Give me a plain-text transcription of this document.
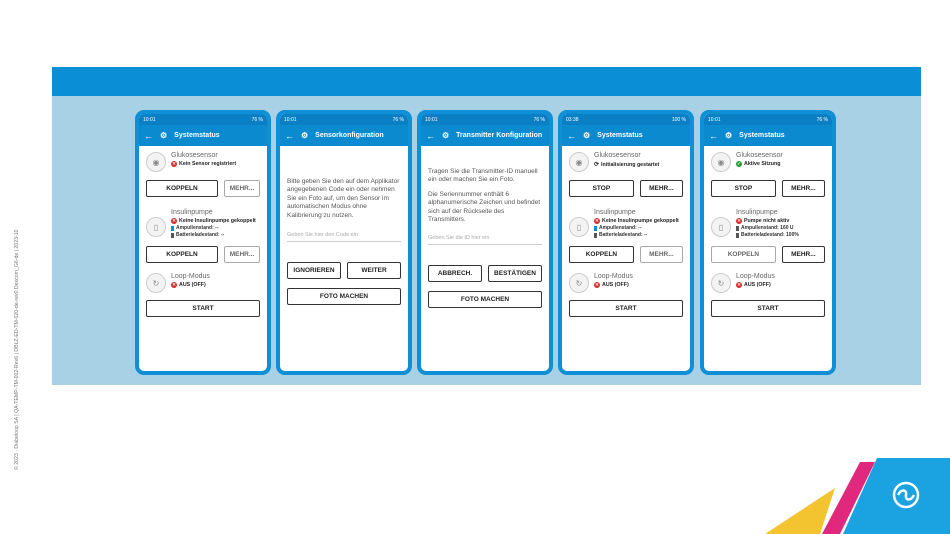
© 2023 · Diabeloop SA | QA-TEMP-TM-002-Rev6 | DBLZ-ED-TM-020-de-rev0 Dexcom_G6-de | 2023-10
10:01	76 %
← ⚙ Systemstatus
◉
Glukosesensor
✕ Kein Sensor registriert
KOPPELN	MEHR...
▯
Insulinpumpe
✕ Keine Insulinpumpe gekoppelt
Ampullenstand: --
Batterieladestand: --
KOPPELN	MEHR...
↻
Loop-Modus
✕ AUS (OFF)
START
10:01	76 %
← ⚙ Sensorkonfiguration
Bitte geben Sie den auf dem Applikator angegebenen Code ein oder nehmen Sie ein Foto auf, um den Sensor im automatischen Modus ohne Kalibrierung zu nutzen.
Geben Sie hier den Code ein
IGNORIEREN	WEITER
FOTO MACHEN
10:01	76 %
← ⚙ Transmitter Konfiguration
Tragen Sie die Transmitter-ID manuell ein oder machen Sie ein Foto.
Die Seriennummer enthält 6 alphanumerische Zeichen und befindet sich auf der Rückseite des Transmitters.
Geben Sie die ID hier ein
ABBRECH.	BESTÄTIGEN
FOTO MACHEN
03:38	100 %
← ⚙ Systemstatus
◉
Glukosesensor
⟳ Initialisierung gestartet
STOP	MEHR...
▯
Insulinpumpe
✕ Keine Insulinpumpe gekoppelt
Ampullenstand: --
Batterieladestand: --
KOPPELN	MEHR...
↻
Loop-Modus
✕ AUS (OFF)
START
10:01	76 %
← ⚙ Systemstatus
◉
Glukosesensor
✓ Aktive Sitzung
STOP	MEHR...
▯
Insulinpumpe
✕ Pumpe nicht aktiv
Ampullenstand: 160 U
Batterieladestand: 100%
KOPPELN	MEHR...
↻
Loop-Modus
✕ AUS (OFF)
START
